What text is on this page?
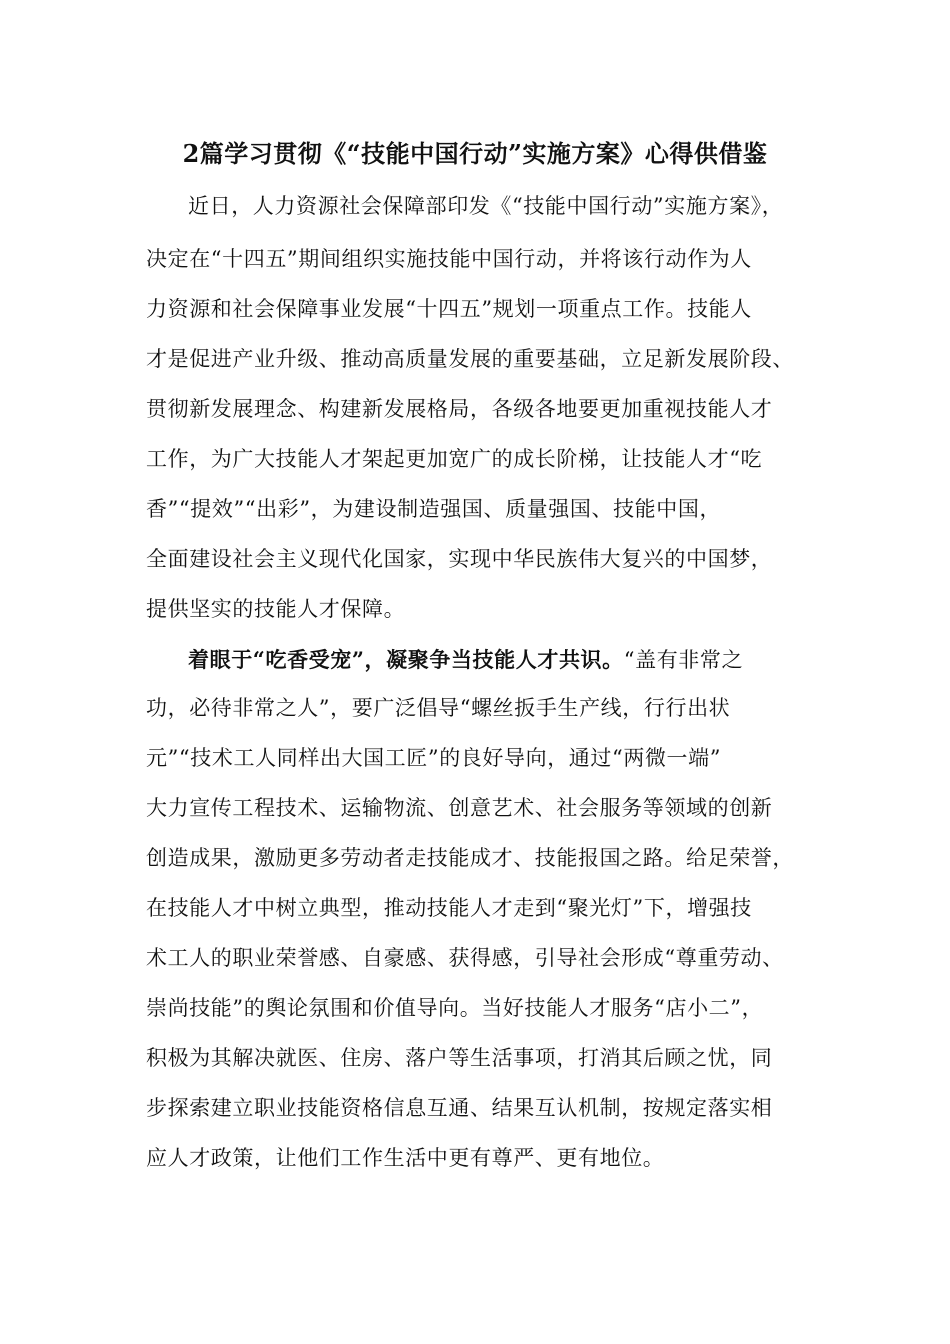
2篇学习贯彻《“技能中国行动”实施方案》心得供借鉴
近日，人力资源社会保障部印发《“技能中国行动”实施方案》，
决定在“十四五”期间组织实施技能中国行动，并将该行动作为人
力资源和社会保障事业发展“十四五”规划一项重点工作。技能人
才是促进产业升级、推动高质量发展的重要基础，立足新发展阶段、
贯彻新发展理念、构建新发展格局，各级各地要更加重视技能人才
工作，为广大技能人才架起更加宽广的成长阶梯，让技能人才“吃
香”“提效”“出彩”，为建设制造强国、质量强国、技能中国，
全面建设社会主义现代化国家，实现中华民族伟大复兴的中国梦，
提供坚实的技能人才保障。
着眼于“吃香受宠”，凝聚争当技能人才共识。“盖有非常之
功，必待非常之人”，要广泛倡导“螺丝扳手生产线，行行出状
元”“技术工人同样出大国工匠”的良好导向，通过“两微一端”
大力宣传工程技术、运输物流、创意艺术、社会服务等领域的创新
创造成果，激励更多劳动者走技能成才、技能报国之路。给足荣誉，
在技能人才中树立典型，推动技能人才走到“聚光灯”下，增强技
术工人的职业荣誉感、自豪感、获得感，引导社会形成“尊重劳动、
崇尚技能”的舆论氛围和价值导向。当好技能人才服务“店小二”，
积极为其解决就医、住房、落户等生活事项，打消其后顾之忧，同
步探索建立职业技能资格信息互通、结果互认机制，按规定落实相
应人才政策，让他们工作生活中更有尊严、更有地位。
